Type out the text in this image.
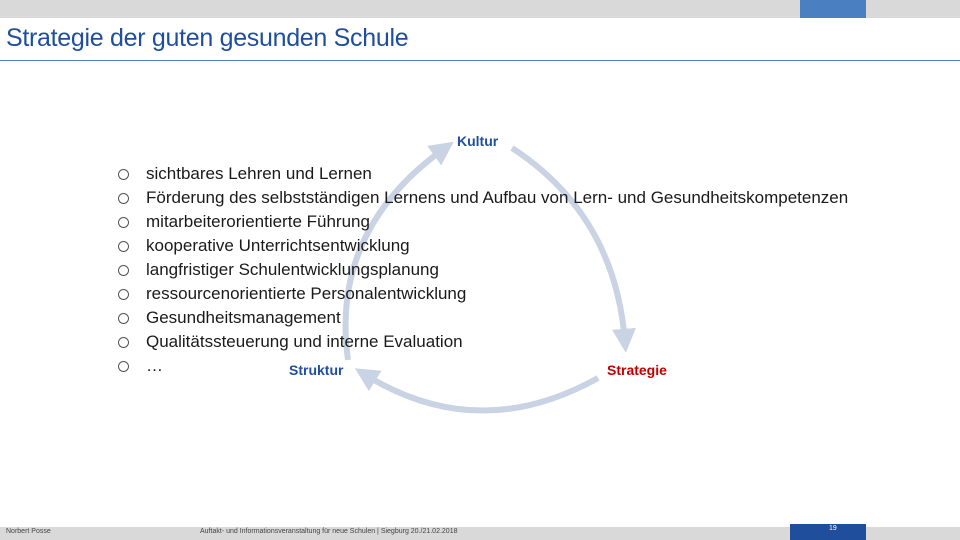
Strategie der guten gesunden Schule
Kultur
Struktur	Strategie
sichtbares Lehren und Lernen
Förderung des selbstständigen Lernens und Aufbau von Lern- und Gesundheitskompetenzen
mitarbeiterorientierte Führung
kooperative Unterrichtsentwicklung
langfristiger Schulentwicklungsplanung
ressourcenorientierte Personalentwicklung
Gesundheitsmanagement
Qualitätssteuerung und interne Evaluation
…
Norbert Posse	Auftakt- und Informationsveranstaltung für neue Schulen | Siegburg 20./21.02.2018	19
